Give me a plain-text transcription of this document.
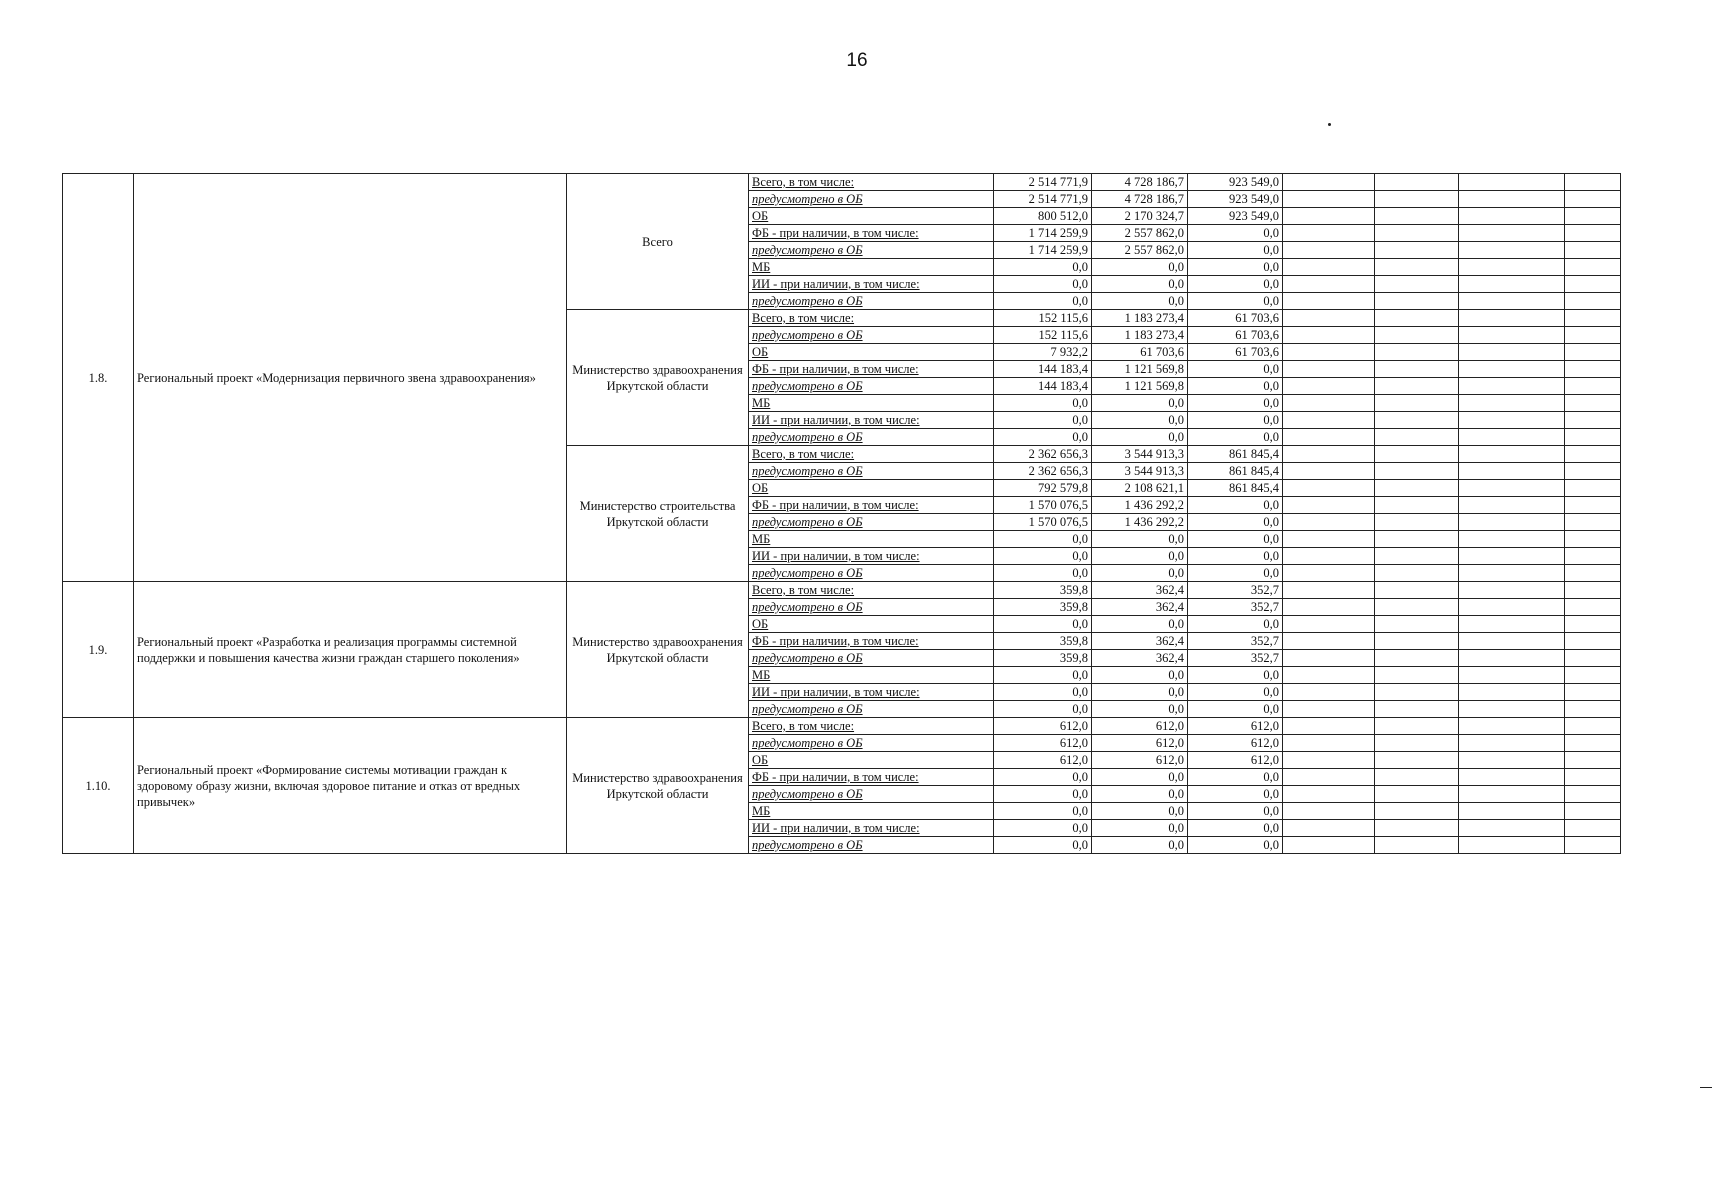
16
1.8.	Региональный проект «Модернизация первичного звена здравоохранения»	Всего	Всего, в том числе:	2 514 771,9	4 728 186,7	923 549,0				
			предусмотрено в ОБ	2 514 771,9	4 728 186,7	923 549,0				
			ОБ	800 512,0	2 170 324,7	923 549,0				
			ФБ - при наличии, в том числе:	1 714 259,9	2 557 862,0	0,0				
			предусмотрено в ОБ	1 714 259,9	2 557 862,0	0,0				
			МБ	0,0	0,0	0,0				
			ИИ - при наличии, в том числе:	0,0	0,0	0,0				
			предусмотрено в ОБ	0,0	0,0	0,0				
		Министерство здравоохранения Иркутской области	Всего, в том числе:	152 115,6	1 183 273,4	61 703,6				
			предусмотрено в ОБ	152 115,6	1 183 273,4	61 703,6				
			ОБ	7 932,2	61 703,6	61 703,6				
			ФБ - при наличии, в том числе:	144 183,4	1 121 569,8	0,0				
			предусмотрено в ОБ	144 183,4	1 121 569,8	0,0				
			МБ	0,0	0,0	0,0				
			ИИ - при наличии, в том числе:	0,0	0,0	0,0				
			предусмотрено в ОБ	0,0	0,0	0,0				
		Министерство строительства Иркутской области	Всего, в том числе:	2 362 656,3	3 544 913,3	861 845,4				
			предусмотрено в ОБ	2 362 656,3	3 544 913,3	861 845,4				
			ОБ	792 579,8	2 108 621,1	861 845,4				
			ФБ - при наличии, в том числе:	1 570 076,5	1 436 292,2	0,0				
			предусмотрено в ОБ	1 570 076,5	1 436 292,2	0,0				
			МБ	0,0	0,0	0,0				
			ИИ - при наличии, в том числе:	0,0	0,0	0,0				
			предусмотрено в ОБ	0,0	0,0	0,0				
1.9.	Региональный проект «Разработка и реализация программы системной поддержки и повышения качества жизни граждан старшего поколения»	Министерство здравоохранения Иркутской области	Всего, в том числе:	359,8	362,4	352,7				
			предусмотрено в ОБ	359,8	362,4	352,7				
			ОБ	0,0	0,0	0,0				
			ФБ - при наличии, в том числе:	359,8	362,4	352,7				
			предусмотрено в ОБ	359,8	362,4	352,7				
			МБ	0,0	0,0	0,0				
			ИИ - при наличии, в том числе:	0,0	0,0	0,0				
			предусмотрено в ОБ	0,0	0,0	0,0				
1.10.	Региональный проект «Формирование системы мотивации граждан к здоровому образу жизни, включая здоровое питание и отказ от вредных привычек»	Министерство здравоохранения Иркутской области	Всего, в том числе:	612,0	612,0	612,0				
			предусмотрено в ОБ	612,0	612,0	612,0				
			ОБ	612,0	612,0	612,0				
			ФБ - при наличии, в том числе:	0,0	0,0	0,0				
			предусмотрено в ОБ	0,0	0,0	0,0				
			МБ	0,0	0,0	0,0				
			ИИ - при наличии, в том числе:	0,0	0,0	0,0				
			предусмотрено в ОБ	0,0	0,0	0,0				
